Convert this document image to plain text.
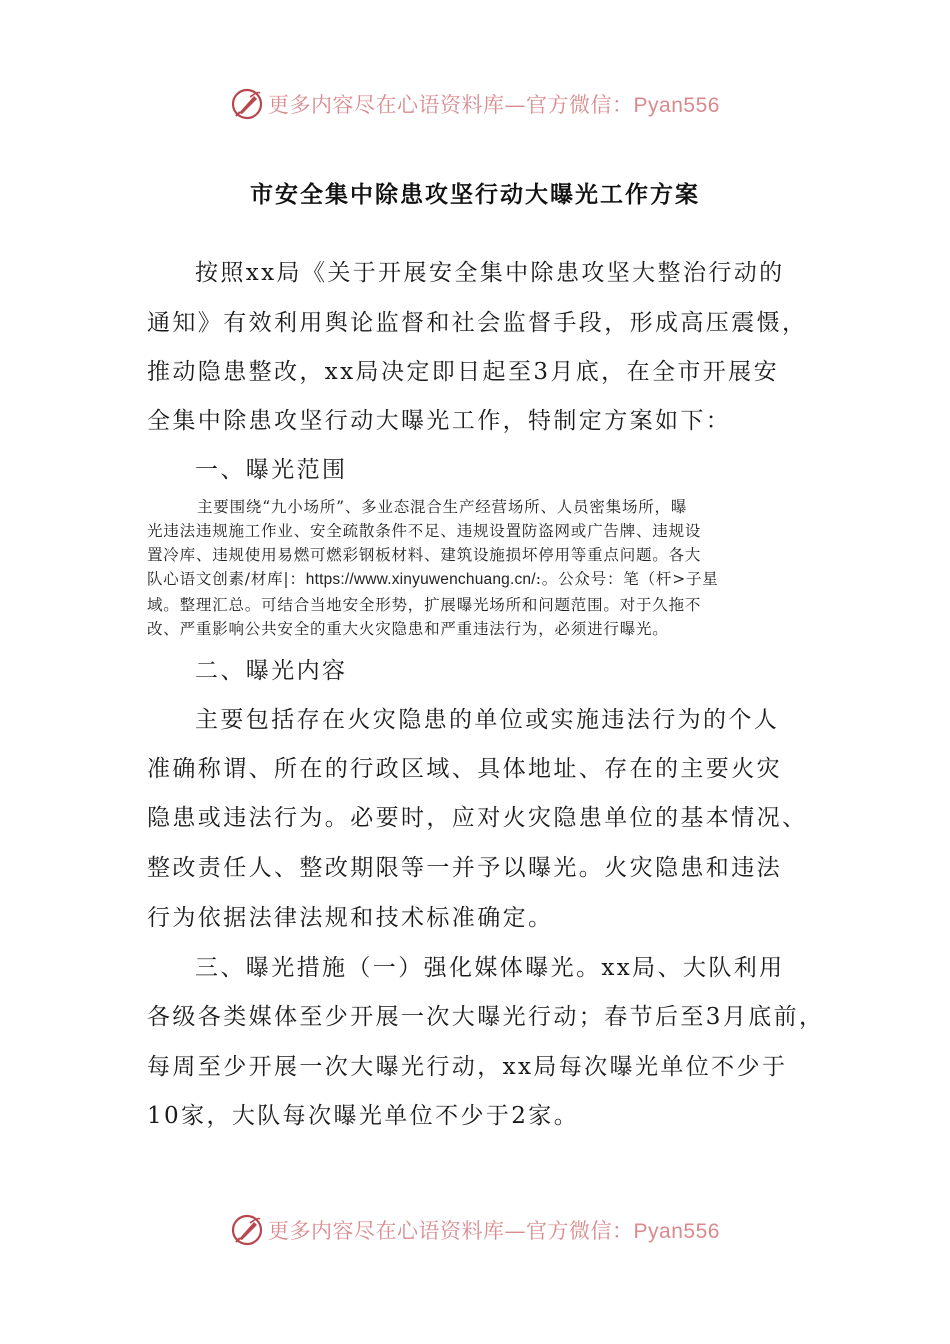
更多内容尽在心语资料库—官方微信：Pyan556
市安全集中除患攻坚行动大曝光工作方案
按照xx局《关于开展安全集中除患攻坚大整治行动的
通知》有效利用舆论监督和社会监督手段，形成高压震慑，
推动隐患整改，xx局决定即日起至3月底，在全市开展安
全集中除患攻坚行动大曝光工作，特制定方案如下：
一、曝光范围
主要围绕“九小场所”、多业态混合生产经营场所、人员密集场所，曝
光违法违规施工作业、安全疏散条件不足、违规设置防盗网或广告牌、违规设
置冷库、违规使用易燃可燃彩钢板材料、建筑设施损坏停用等重点问题。各大
队心语文创素/材库|：https://www.xinyuwenchuang.cn/:。公众号：笔（杆>子星
域。整理汇总。可结合当地安全形势，扩展曝光场所和问题范围。对于久拖不
改、严重影响公共安全的重大火灾隐患和严重违法行为，必须进行曝光。
二、曝光内容
主要包括存在火灾隐患的单位或实施违法行为的个人
准确称谓、所在的行政区域、具体地址、存在的主要火灾
隐患或违法行为。必要时，应对火灾隐患单位的基本情况、
整改责任人、整改期限等一并予以曝光。火灾隐患和违法
行为依据法律法规和技术标准确定。
三、曝光措施（一）强化媒体曝光。xx局、大队利用
各级各类媒体至少开展一次大曝光行动；春节后至3月底前，
每周至少开展一次大曝光行动，xx局每次曝光单位不少于
10家，大队每次曝光单位不少于2家。
更多内容尽在心语资料库—官方微信：Pyan556
